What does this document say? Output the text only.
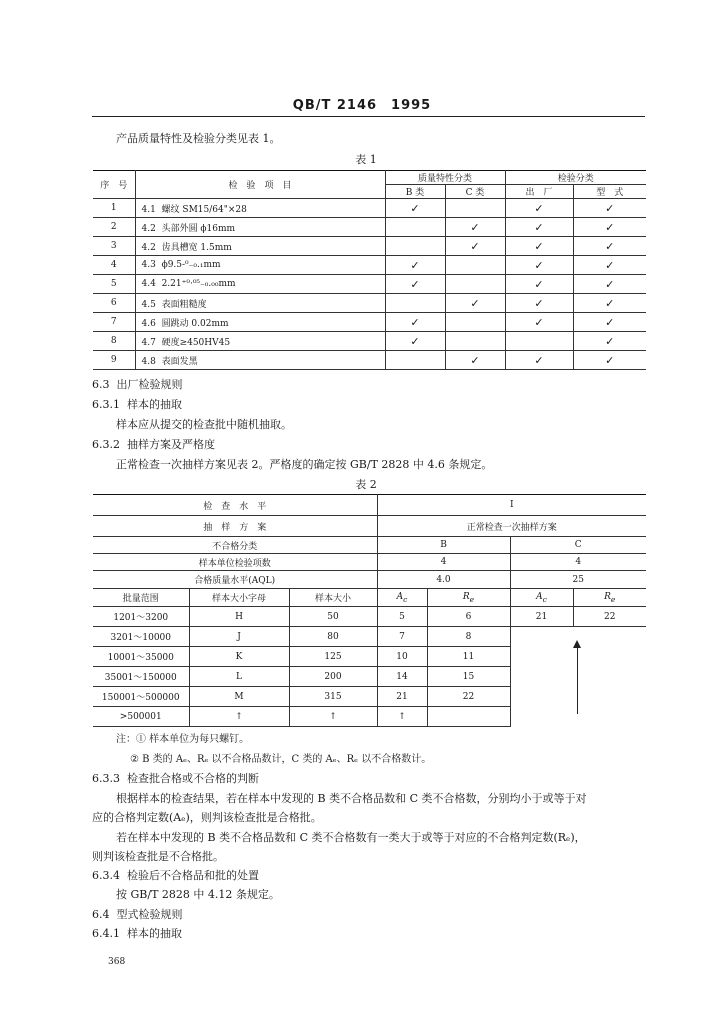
QB/T 2146　1995
产品质量特性及检验分类见表 1。
表 1
序　号	检　验　项　目	质量特性分类		检验分类	
		B 类	C 类	出　厂	型　式
1	4.1 螺纹 SM15/64"×28	✓		✓	✓
2	4.2 头部外圆 ϕ16mm		✓	✓	✓
3	4.2 齿具槽宽 1.5mm		✓	✓	✓
4	4.3 ϕ9.5-⁰₋₀.₁mm	✓		✓	✓
5	4.4 2.21⁺⁰·⁰⁵₋₀.₀₀mm	✓		✓	✓
6	4.5 表面粗糙度		✓	✓	✓
7	4.6 圆跳动 0.02mm	✓		✓	✓
8	4.7 硬度≥450HV45	✓			✓
9	4.8 表面发黑		✓	✓	✓
6.3 出厂检验规则
6.3.1 样本的抽取
样本应从提交的检查批中随机抽取。
6.3.2 抽样方案及严格度
正常检查一次抽样方案见表 2。严格度的确定按 GB/T 2828 中 4.6 条规定。
表 2
检　查　水　平			I			
抽　样　方　案			正常检查一次抽样方案			
不合格分类			B		C	
样本单位检验项数			4		4	
合格质量水平(AQL)			4.0		25	
批量范围	样本大小字母	样本大小	$A_c$	$R_e$	$A_c$	$R_e$
1201～3200	H	50	5	6	21	22
3201～10000	J	80	7	8		
10001～35000	K	125	10	11		
35001～150000	L	200	14	15		
150001～500000	M	315	21	22		
>500001	↑	↑	↑			
注：① 样本单位为每只螺钉。
② B 类的 Aₑ、Rₑ 以不合格品数计，C 类的 Aₑ、Rₑ 以不合格数计。
6.3.3 检查批合格或不合格的判断
根据样本的检查结果，若在样本中发现的 B 类不合格品数和 C 类不合格数，分别均小于或等于对
应的合格判定数(Aₑ)，则判该检查批是合格批。
若在样本中发现的 B 类不合格品数和 C 类不合格数有一类大于或等于对应的不合格判定数(Rₑ)，
则判该检查批是不合格批。
6.3.4 检验后不合格品和批的处置
按 GB/T 2828 中 4.12 条规定。
6.4 型式检验规则
6.4.1 样本的抽取
368
